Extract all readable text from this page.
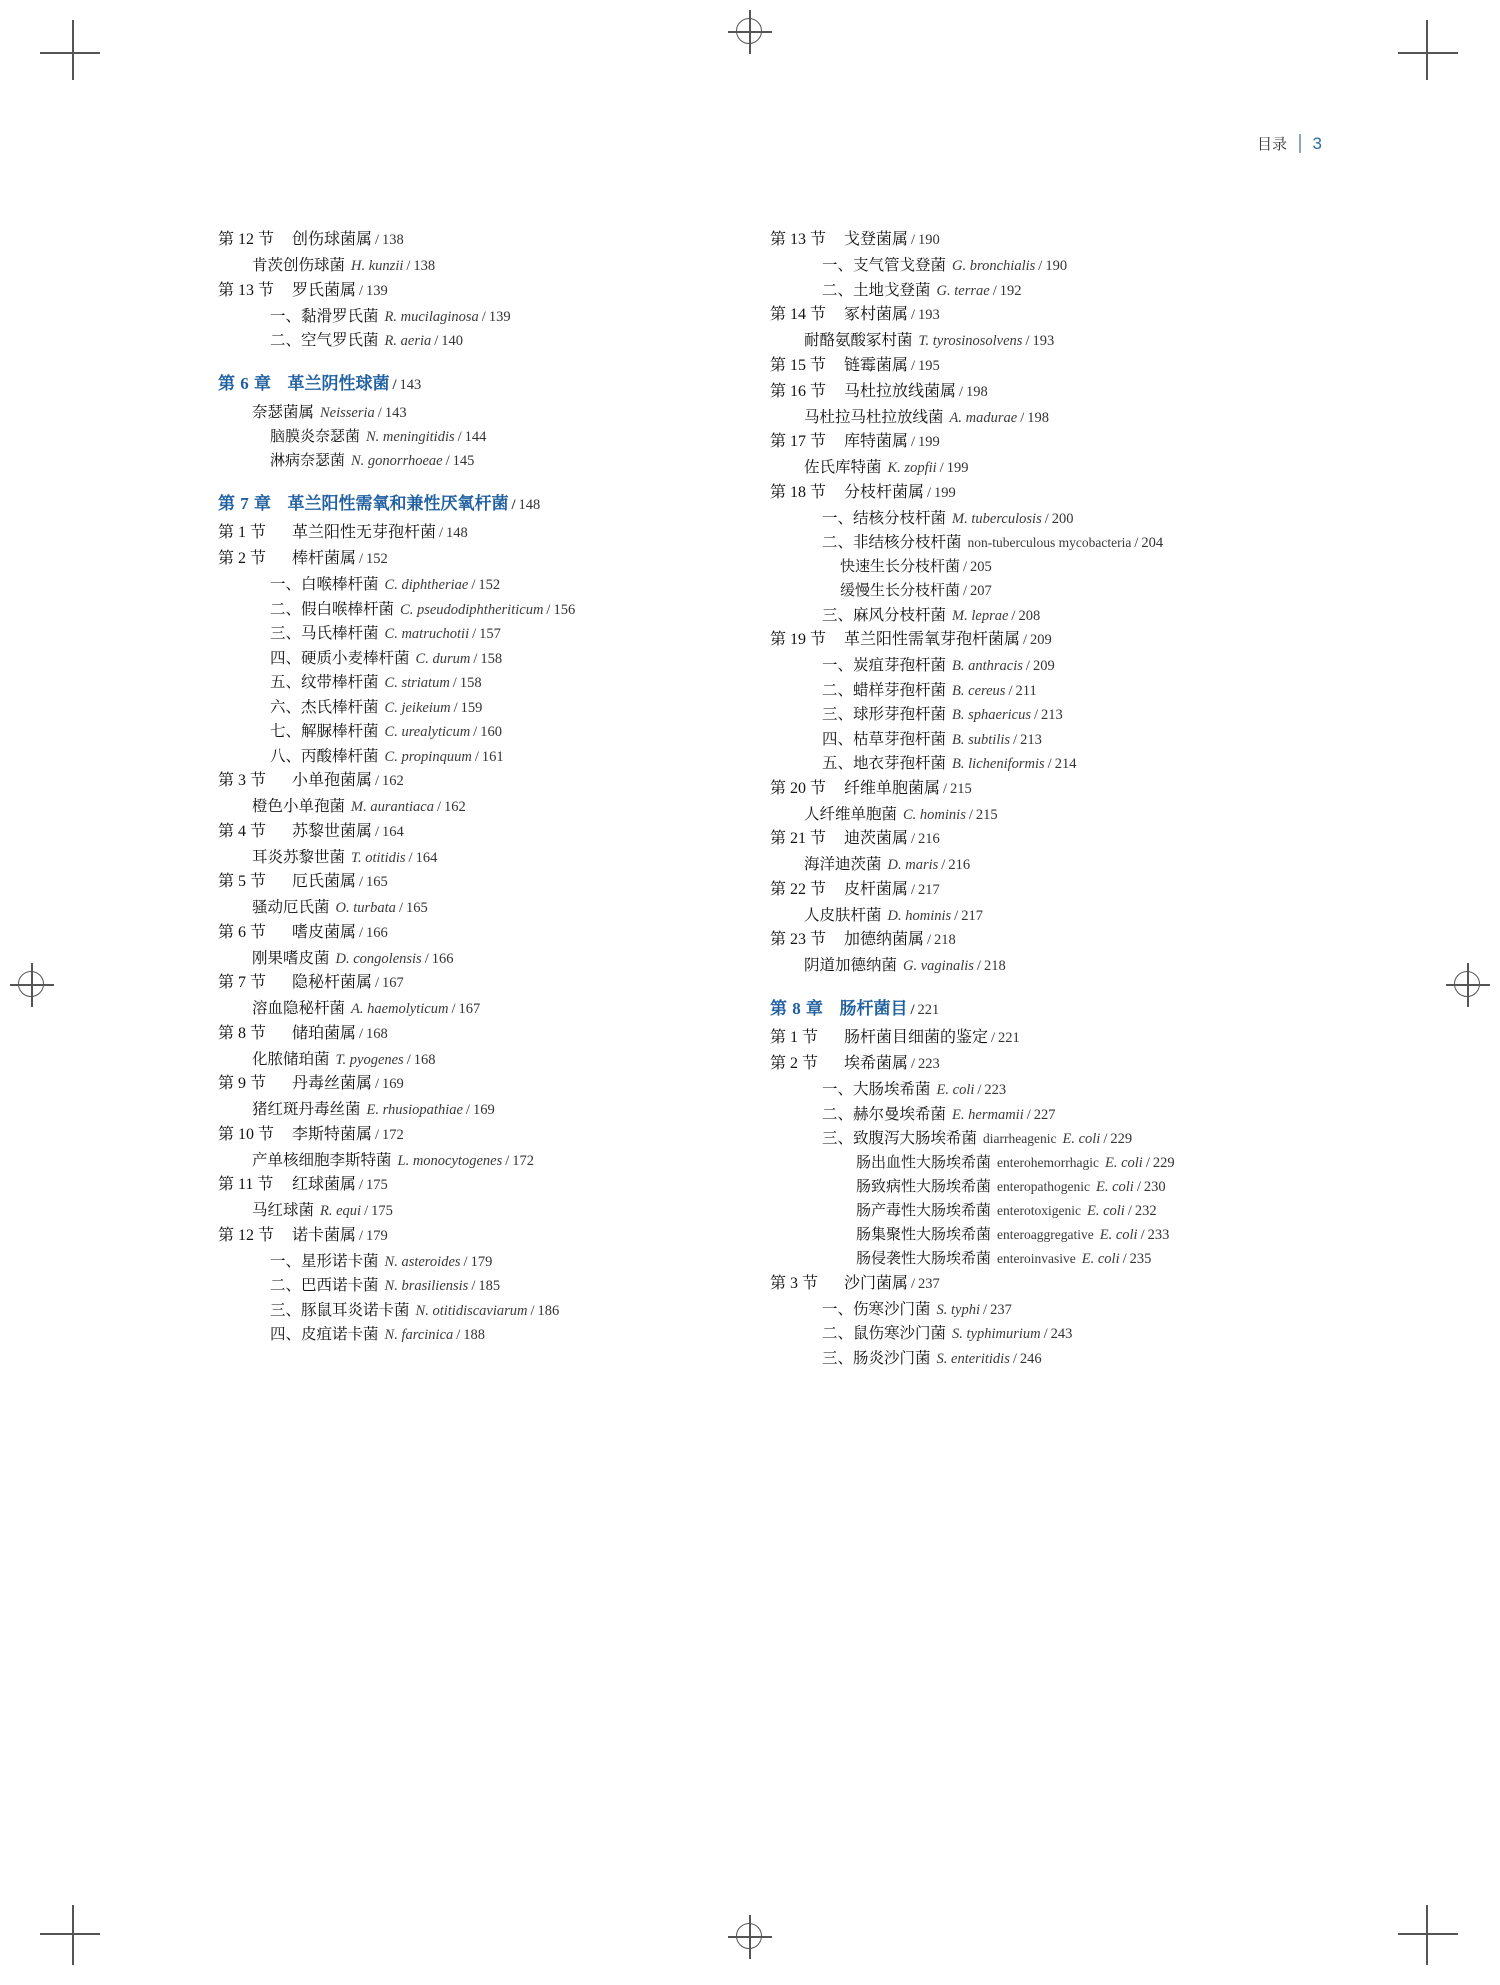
目录 3
第 12 节	创伤球菌属 / 138
肯茨创伤球菌 H. kunzii / 138
第 13 节	罗氏菌属 / 139
一、 黏滑罗氏菌 R. mucilaginosa / 139
二、 空气罗氏菌 R. aeria / 140
第 6 章 革兰阴性球菌 / 143
奈瑟菌属 Neisseria / 143
脑膜炎奈瑟菌 N. meningitidis / 144
淋病奈瑟菌 N. gonorrhoeae / 145
第 7 章 革兰阳性需氧和兼性厌氧杆菌 / 148
第 1 节	革兰阳性无芽孢杆菌 / 148
第 2 节	棒杆菌属 / 152
一、 白喉棒杆菌 C. diphtheriae / 152
二、 假白喉棒杆菌 C. pseudodiphtheriticum / 156
三、 马氏棒杆菌 C. matruchotii / 157
四、 硬质小麦棒杆菌 C. durum / 158
五、 纹带棒杆菌 C. striatum / 158
六、 杰氏棒杆菌 C. jeikeium / 159
七、 解脲棒杆菌 C. urealyticum / 160
八、 丙酸棒杆菌 C. propinquum / 161
第 3 节	小单孢菌属 / 162
橙色小单孢菌 M. aurantiaca / 162
第 4 节	苏黎世菌属 / 164
耳炎苏黎世菌 T. otitidis / 164
第 5 节	厄氏菌属 / 165
骚动厄氏菌 O. turbata / 165
第 6 节	嗜皮菌属 / 166
刚果嗜皮菌 D. congolensis / 166
第 7 节	隐秘杆菌属 / 167
溶血隐秘杆菌 A. haemolyticum / 167
第 8 节	储珀菌属 / 168
化脓储珀菌 T. pyogenes / 168
第 9 节	丹毒丝菌属 / 169
猪红斑丹毒丝菌 E. rhusiopathiae / 169
第 10 节	李斯特菌属 / 172
产单核细胞李斯特菌 L. monocytogenes / 172
第 11 节	红球菌属 / 175
马红球菌 R. equi / 175
第 12 节	诺卡菌属 / 179
一、 星形诺卡菌 N. asteroides / 179
二、 巴西诺卡菌 N. brasiliensis / 185
三、 豚鼠耳炎诺卡菌 N. otitidiscaviarum / 186
四、 皮疽诺卡菌 N. farcinica / 188
第 13 节	戈登菌属 / 190
一、 支气管戈登菌 G. bronchialis / 190
二、 土地戈登菌 G. terrae / 192
第 14 节	冢村菌属 / 193
耐酪氨酸冢村菌 T. tyrosinosolvens / 193
第 15 节	链霉菌属 / 195
第 16 节	马杜拉放线菌属 / 198
马杜拉马杜拉放线菌 A. madurae / 198
第 17 节	库特菌属 / 199
佐氏库特菌 K. zopfii / 199
第 18 节	分枝杆菌属 / 199
一、 结核分枝杆菌 M. tuberculosis / 200
二、 非结核分枝杆菌 non-tuberculous mycobacteria / 204
快速生长分枝杆菌 / 205
缓慢生长分枝杆菌 / 207
三、 麻风分枝杆菌 M. leprae / 208
第 19 节	革兰阳性需氧芽孢杆菌属 / 209
一、 炭疽芽孢杆菌 B. anthracis / 209
二、 蜡样芽孢杆菌 B. cereus / 211
三、 球形芽孢杆菌 B. sphaericus / 213
四、 枯草芽孢杆菌 B. subtilis / 213
五、 地衣芽孢杆菌 B. licheniformis / 214
第 20 节	纤维单胞菌属 / 215
人纤维单胞菌 C. hominis / 215
第 21 节	迪茨菌属 / 216
海洋迪茨菌 D. maris / 216
第 22 节	皮杆菌属 / 217
人皮肤杆菌 D. hominis / 217
第 23 节	加德纳菌属 / 218
阴道加德纳菌 G. vaginalis / 218
第 8 章 肠杆菌目 / 221
第 1 节	肠杆菌目细菌的鉴定 / 221
第 2 节	埃希菌属 / 223
一、 大肠埃希菌 E. coli / 223
二、 赫尔曼埃希菌 E. hermamii / 227
三、 致腹泻大肠埃希菌 diarrheagenic E. coli / 229
肠出血性大肠埃希菌 enterohemorrhagic E. coli / 229
肠致病性大肠埃希菌 enteropathogenic E. coli / 230
肠产毒性大肠埃希菌 enterotoxigenic E. coli / 232
肠集聚性大肠埃希菌 enteroaggregative E. coli / 233
肠侵袭性大肠埃希菌 enteroinvasive E. coli / 235
第 3 节	沙门菌属 / 237
一、 伤寒沙门菌 S. typhi / 237
二、 鼠伤寒沙门菌 S. typhimurium / 243
三、 肠炎沙门菌 S. enteritidis / 246
